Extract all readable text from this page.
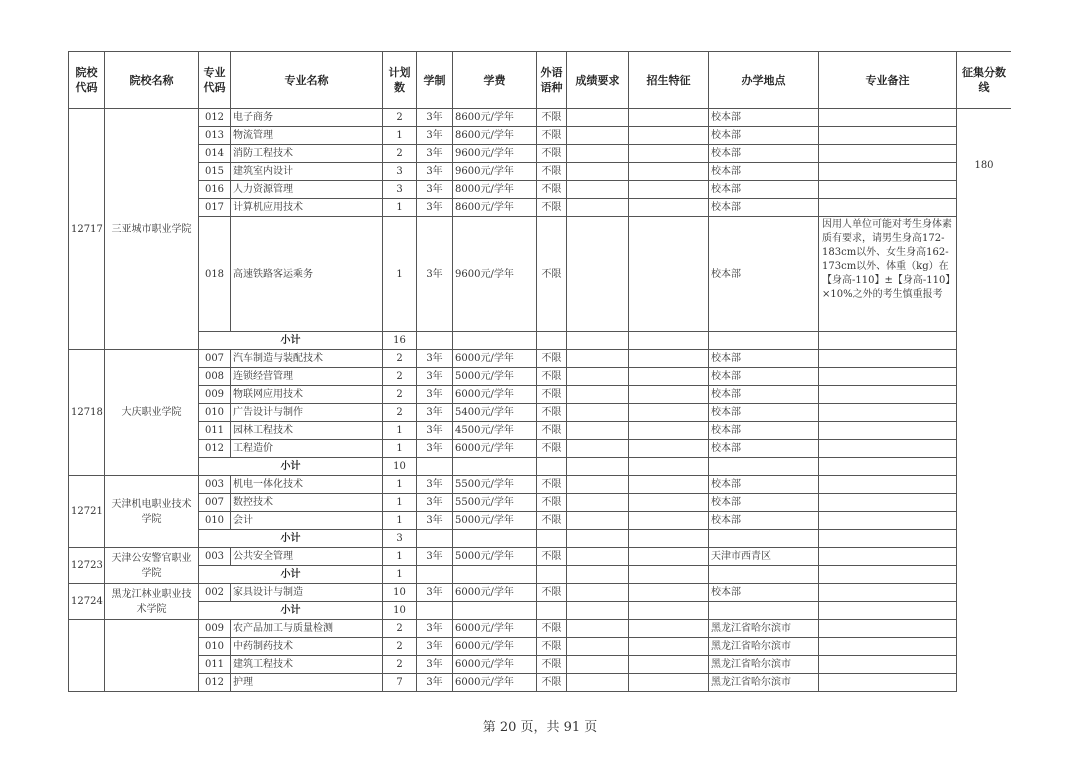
院校代码	院校名称	专业代码	专业名称	计划数	学制	学费	外语语种	成绩要求	招生特征	办学地点	专业备注	征集分数线
12717	三亚城市职业学院	012	电子商务	2	3年	8600元/学年	不限			校本部		180
		013	物流管理	1	3年	8600元/学年	不限			校本部		
		014	消防工程技术	2	3年	9600元/学年	不限			校本部		
		015	建筑室内设计	3	3年	9600元/学年	不限			校本部		
		016	人力资源管理	3	3年	8000元/学年	不限			校本部		
		017	计算机应用技术	1	3年	8600元/学年	不限			校本部		
		018	高速铁路客运乘务	1	3年	9600元/学年	不限			校本部	因用人单位可能对考生身体素质有要求，请男生身高172-183cm以外、女生身高162-173cm以外、体重（kg）在【身高-110】±【身高-110】×10%之外的考生慎重报考	
		小计		16								
12718	大庆职业学院	007	汽车制造与装配技术	2	3年	6000元/学年	不限			校本部		
		008	连锁经营管理	2	3年	5000元/学年	不限			校本部		
		009	物联网应用技术	2	3年	6000元/学年	不限			校本部		
		010	广告设计与制作	2	3年	5400元/学年	不限			校本部		
		011	园林工程技术	1	3年	4500元/学年	不限			校本部		
		012	工程造价	1	3年	6000元/学年	不限			校本部		
		小计		10								
12721	天津机电职业技术学院	003	机电一体化技术	1	3年	5500元/学年	不限			校本部		
		007	数控技术	1	3年	5500元/学年	不限			校本部		
		010	会计	1	3年	5000元/学年	不限			校本部		
		小计		3								
12723	天津公安警官职业学院	003	公共安全管理	1	3年	5000元/学年	不限			天津市西青区		
		小计		1								
12724	黑龙江林业职业技术学院	002	家具设计与制造	10	3年	6000元/学年	不限			校本部		
		小计		10								
		009	农产品加工与质量检测	2	3年	6000元/学年	不限			黑龙江省哈尔滨市		
		010	中药制药技术	2	3年	6000元/学年	不限			黑龙江省哈尔滨市		
		011	建筑工程技术	2	3年	6000元/学年	不限			黑龙江省哈尔滨市		
		012	护理	7	3年	6000元/学年	不限			黑龙江省哈尔滨市		
第 20 页，共 91 页
